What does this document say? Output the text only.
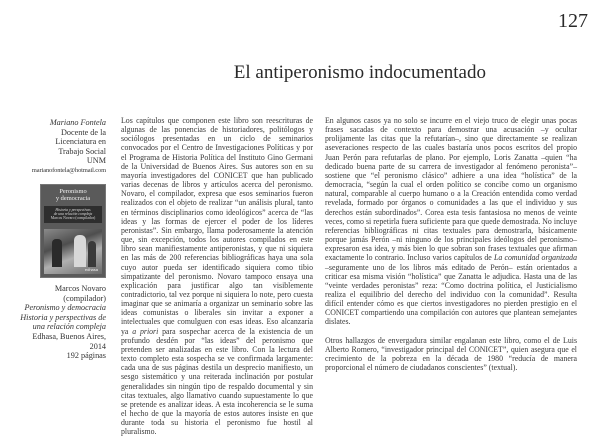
127
El antiperonismo indocumentado
Mariano Fontela
Docente de la
Licenciatura en
Trabajo Social
UNM
marianofontela@hotmail.com
Peronismo
y democracia
Historia y perspectivas
de una relación compleja
Marcos Novaro (compilador)
edhasa
Marcos Novaro
(compilador)
Peronismo y democracia
Historia y perspectivas de
una relación compleja
Edhasa, Buenos Aires,
2014
192 páginas

Los capítulos que componen este libro son reescrituras de algunas de las ponencias de historiadores, politólogos y sociólogos presentadas en un ciclo de seminarios convocados por el Centro de Investigaciones Políticas y por el Programa de Historia Política del Instituto Gino Germani de la Universidad de Buenos Aires. Sus autores son en su mayoría investigadores del CONICET que han publicado varias decenas de libros y artículos acerca del peronismo. Novaro, el compilador, expresa que esos seminarios fueron realizados con el objeto de realizar “un análisis plural, tanto en términos disciplinarios como ideológicos” acerca de “las ideas y las formas de ejercer el poder de los líderes peronistas”. Sin embargo, llama poderosamente la atención que, sin excepción, todos los autores compilados en este libro sean manifiestamente antiperonistas, y que ni siquiera en las más de 200 referencias bibliográficas haya una sola cuyo autor pueda ser identificado siquiera como tibio simpatizante del peronismo. Novaro tampoco ensaya una explicación para justificar algo tan visiblemente contradictorio, tal vez porque ni siquiera lo note, pero cuesta imaginar que se animaría a organizar un seminario sobre las ideas comunistas o liberales sin invitar a exponer a intelectuales que comulguen con esas ideas. Eso alcanzaría ya a priori para sospechar acerca de la existencia de un profundo desdén por “las ideas” del peronismo que pretenden ser analizadas en este libro. Con la lectura del texto completo esta sospecha se ve confirmada largamente: cada una de sus páginas destila un desprecio manifiesto, un sesgo sistemático y una reiterada inclinación por postular generalidades sin ningún tipo de respaldo documental y sin citas textuales, algo llamativo cuando supuestamente lo que se pretende es analizar ideas. A esta incoherencia se le suma el hecho de que la mayoría de estos autores insiste en que durante toda su historia el peronismo fue hostil al pluralismo.

En algunos casos ya no solo se incurre en el viejo truco de elegir unas pocas frases sacadas de contexto para demostrar una acusación –y ocultar prolijamente las citas que la refutarían–, sino que directamente se realizan aseveraciones respecto de las cuales bastaría unos pocos escritos del propio Juan Perón para refutarlas de plano. Por ejemplo, Loris Zanatta –quien “ha dedicado buena parte de su carrera de investigador al fenómeno peronista”– sostiene que “el peronismo clásico” adhiere a una idea “holística” de la democracia, “según la cual el orden político se concibe como un organismo natural, comparable al cuerpo humano o a la Creación entendida como verdad revelada, formado por órganos o comunidades a las que el individuo y sus derechos están subordinados”. Corea esta tesis fantasiosa no menos de veinte veces, como si repetirla fuera suficiente para que quede demostrada. No incluye referencias bibliográficas ni citas textuales para demostrarla, básicamente porque jamás Perón –ni ninguno de los principales ideólogos del peronismo– expresaron esa idea, y más bien lo que sobran son frases textuales que afirman exactamente lo contrario. Incluso varios capítulos de La comunidad organizada –seguramente uno de los libros más editado de Perón– están orientados a criticar esa misma visión “holística” que Zanatta le adjudica. Hasta una de las “veinte verdades peronistas” reza: “Como doctrina política, el Justicialismo realiza el equilibrio del derecho del individuo con la comunidad”. Resulta difícil entender cómo es que ciertos investigadores no pierden prestigio en el CONICET compartiendo una compilación con autores que plantean semejantes dislates.

Otros hallazgos de envergadura similar engalanan este libro, como el de Luis Alberto Romero, “investigador principal del CONICET”, quien asegura que el crecimiento de la pobreza en la década de 1980 “reducía de manera proporcional el número de ciudadanos conscientes” (textual).
